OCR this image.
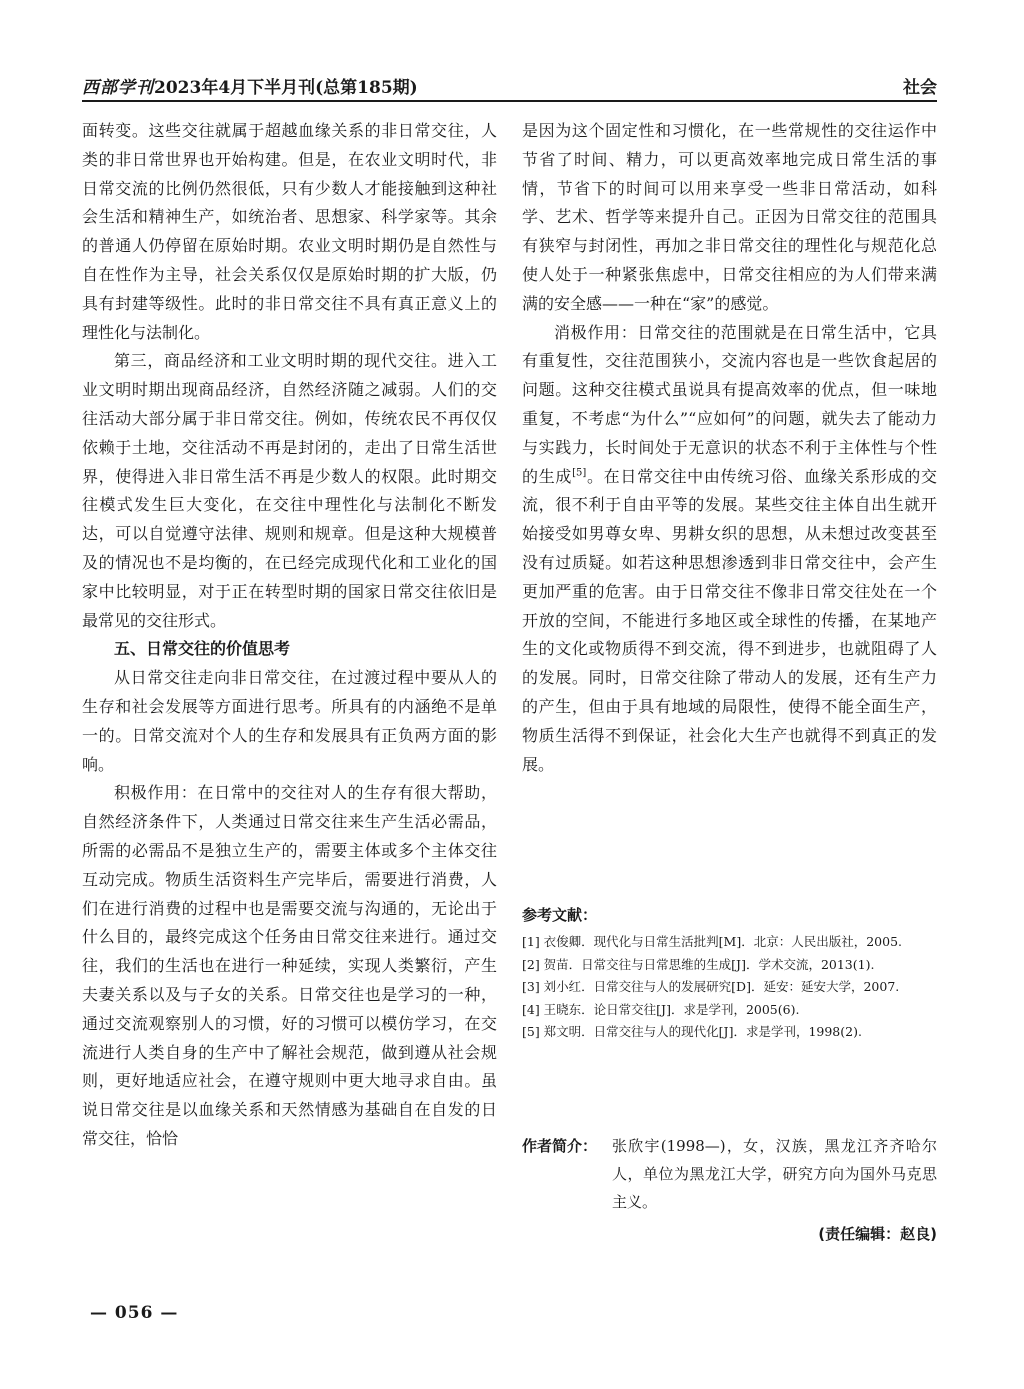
西部学刊2023年4月下半月刊(总第185期)	社会

面转变。这些交往就属于超越血缘关系的非日常交往，人类的非日常世界也开始构建。但是，在农业文明时代，非日常交流的比例仍然很低，只有少数人才能接触到这种社会生活和精神生产，如统治者、思想家、科学家等。其余的普通人仍停留在原始时期。农业文明时期仍是自然性与自在性作为主导，社会关系仅仅是原始时期的扩大版，仍具有封建等级性。此时的非日常交往不具有真正意义上的理性化与法制化。

第三，商品经济和工业文明时期的现代交往。进入工业文明时期出现商品经济，自然经济随之减弱。人们的交往活动大部分属于非日常交往。例如，传统农民不再仅仅依赖于土地，交往活动不再是封闭的，走出了日常生活世界，使得进入非日常生活不再是少数人的权限。此时期交往模式发生巨大变化，在交往中理性化与法制化不断发达，可以自觉遵守法律、规则和规章。但是这种大规模普及的情况也不是均衡的，在已经完成现代化和工业化的国家中比较明显，对于正在转型时期的国家日常交往依旧是最常见的交往形式。

五、日常交往的价值思考

从日常交往走向非日常交往，在过渡过程中要从人的生存和社会发展等方面进行思考。所具有的内涵绝不是单一的。日常交流对个人的生存和发展具有正负两方面的影响。

积极作用：在日常中的交往对人的生存有很大帮助，自然经济条件下，人类通过日常交往来生产生活必需品，所需的必需品不是独立生产的，需要主体或多个主体交往互动完成。物质生活资料生产完毕后，需要进行消费，人们在进行消费的过程中也是需要交流与沟通的，无论出于什么目的，最终完成这个任务由日常交往来进行。通过交往，我们的生活也在进行一种延续，实现人类繁衍，产生夫妻关系以及与子女的关系。日常交往也是学习的一种，通过交流观察别人的习惯，好的习惯可以模仿学习，在交流进行人类自身的生产中了解社会规范，做到遵从社会规则，更好地适应社会，在遵守规则中更大地寻求自由。虽说日常交往是以血缘关系和天然情感为基础自在自发的日常交往，恰恰

是因为这个固定性和习惯化，在一些常规性的交往运作中节省了时间、精力，可以更高效率地完成日常生活的事情，节省下的时间可以用来享受一些非日常活动，如科学、艺术、哲学等来提升自己。正因为日常交往的范围具有狭窄与封闭性，再加之非日常交往的理性化与规范化总使人处于一种紧张焦虑中，日常交往相应的为人们带来满满的安全感——一种在“家”的感觉。

消极作用：日常交往的范围就是在日常生活中，它具有重复性，交往范围狭小，交流内容也是一些饮食起居的问题。这种交往模式虽说具有提高效率的优点，但一味地重复，不考虑“为什么”“应如何”的问题，就失去了能动力与实践力，长时间处于无意识的状态不利于主体性与个性的生成[5]。在日常交往中由传统习俗、血缘关系形成的交流，很不利于自由平等的发展。某些交往主体自出生就开始接受如男尊女卑、男耕女织的思想，从未想过改变甚至没有过质疑。如若这种思想渗透到非日常交往中，会产生更加严重的危害。由于日常交往不像非日常交往处在一个开放的空间，不能进行多地区或全球性的传播，在某地产生的文化或物质得不到交流，得不到进步，也就阻碍了人的发展。同时，日常交往除了带动人的发展，还有生产力的产生，但由于具有地域的局限性，使得不能全面生产，物质生活得不到保证，社会化大生产也就得不到真正的发展。

参考文献：
[1] 衣俊卿．现代化与日常生活批判[M]．北京：人民出版社，2005.
[2] 贺苗．日常交往与日常思维的生成[J]．学术交流，2013(1).
[3] 刘小红．日常交往与人的发展研究[D]．延安：延安大学，2007.
[4] 王晓东．论日常交往[J]．求是学刊，2005(6).
[5] 郑文明．日常交往与人的现代化[J]．求是学刊，1998(2).
作者简介： 张欣宇(1998—)，女，汉族，黑龙江齐齐哈尔人，单位为黑龙江大学，研究方向为国外马克思主义。
(责任编辑：赵良)
— 056 —
